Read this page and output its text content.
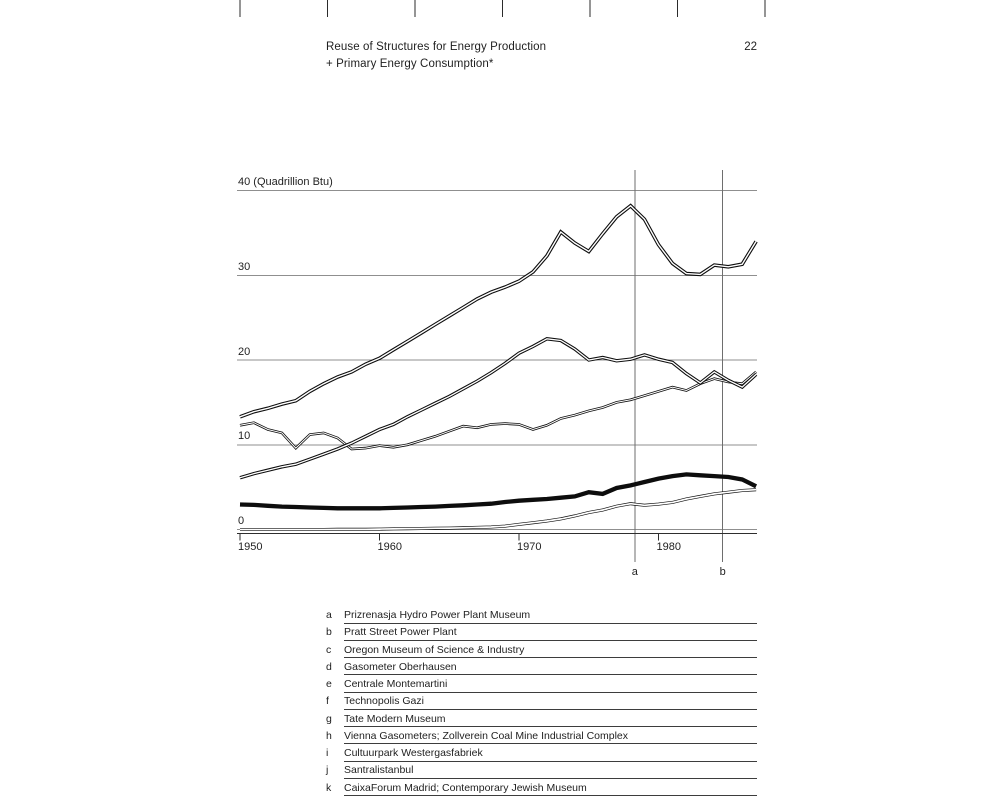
Reuse of Structures for Energy Production
+ Primary Energy Consumption*
22
40 (Quadrillion Btu)
30
20
10
0
1950	1960	1970	1980
a	b
a	Prizrenasja Hydro Power Plant Museum
b	Pratt Street Power Plant
c	Oregon Museum of Science & Industry
d	Gasometer Oberhausen
e	Centrale Montemartini
f	Technopolis Gazi
g	Tate Modern Museum
h	Vienna Gasometers; Zollverein Coal Mine Industrial Complex
i	Cultuurpark Westergasfabriek
j	Santralistanbul
k	CaixaForum Madrid; Contemporary Jewish Museum
